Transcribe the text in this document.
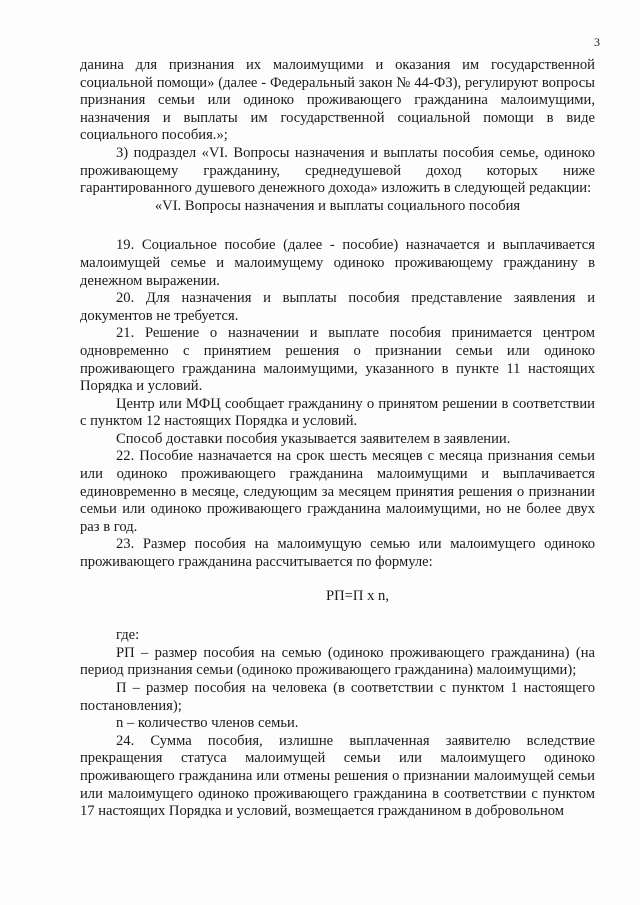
3

данина для признания их малоимущими и оказания им государственной социальной помощи» (далее - Федеральный закон № 44-ФЗ), регулируют вопросы признания семьи или одиноко проживающего гражданина малоимущими, назначения и выплаты им государственной социальной помощи в виде социального пособия.»;

3) подраздел «VI. Вопросы назначения и выплаты пособия семье, одиноко проживающему гражданину, среднедушевой доход которых ниже гарантированного душевого денежного дохода» изложить в следующей редакции:

«VI. Вопросы назначения и выплаты социального пособия

19. Социальное пособие (далее - пособие) назначается и выплачивается малоимущей семье и малоимущему одиноко проживающему гражданину в денежном выражении.

20. Для назначения и выплаты пособия представление заявления и документов не требуется.

21. Решение о назначении и выплате пособия принимается центром одновременно с принятием решения о признании семьи или одиноко проживающего гражданина малоимущими, указанного в пункте 11 настоящих Порядка и условий.

Центр или МФЦ сообщает гражданину о принятом решении в соответствии с пунктом 12 настоящих Порядка и условий.

Способ доставки пособия указывается заявителем в заявлении.

22. Пособие назначается на срок шесть месяцев с месяца признания семьи или одиноко проживающего гражданина малоимущими и выплачивается единовременно в месяце, следующим за месяцем принятия решения о признании семьи или одиноко проживающего гражданина малоимущими, но не более двух раз в год.

23. Размер пособия на малоимущую семью или малоимущего одиноко проживающего гражданина рассчитывается по формуле:

РП=П х n,

где:

РП – размер пособия на семью (одиноко проживающего гражданина) (на период признания семьи (одиноко проживающего гражданина) малоимущими);

П – размер пособия на человека (в соответствии с пунктом 1 настоящего постановления);

n – количество членов семьи.

24. Сумма пособия, излишне выплаченная заявителю вследствие прекращения статуса малоимущей семьи или малоимущего одиноко проживающего гражданина или отмены решения о признании малоимущей семьи или малоимущего одиноко проживающего гражданина в соответствии с пунктом 17 настоящих Порядка и условий, возмещается гражданином в добровольном
